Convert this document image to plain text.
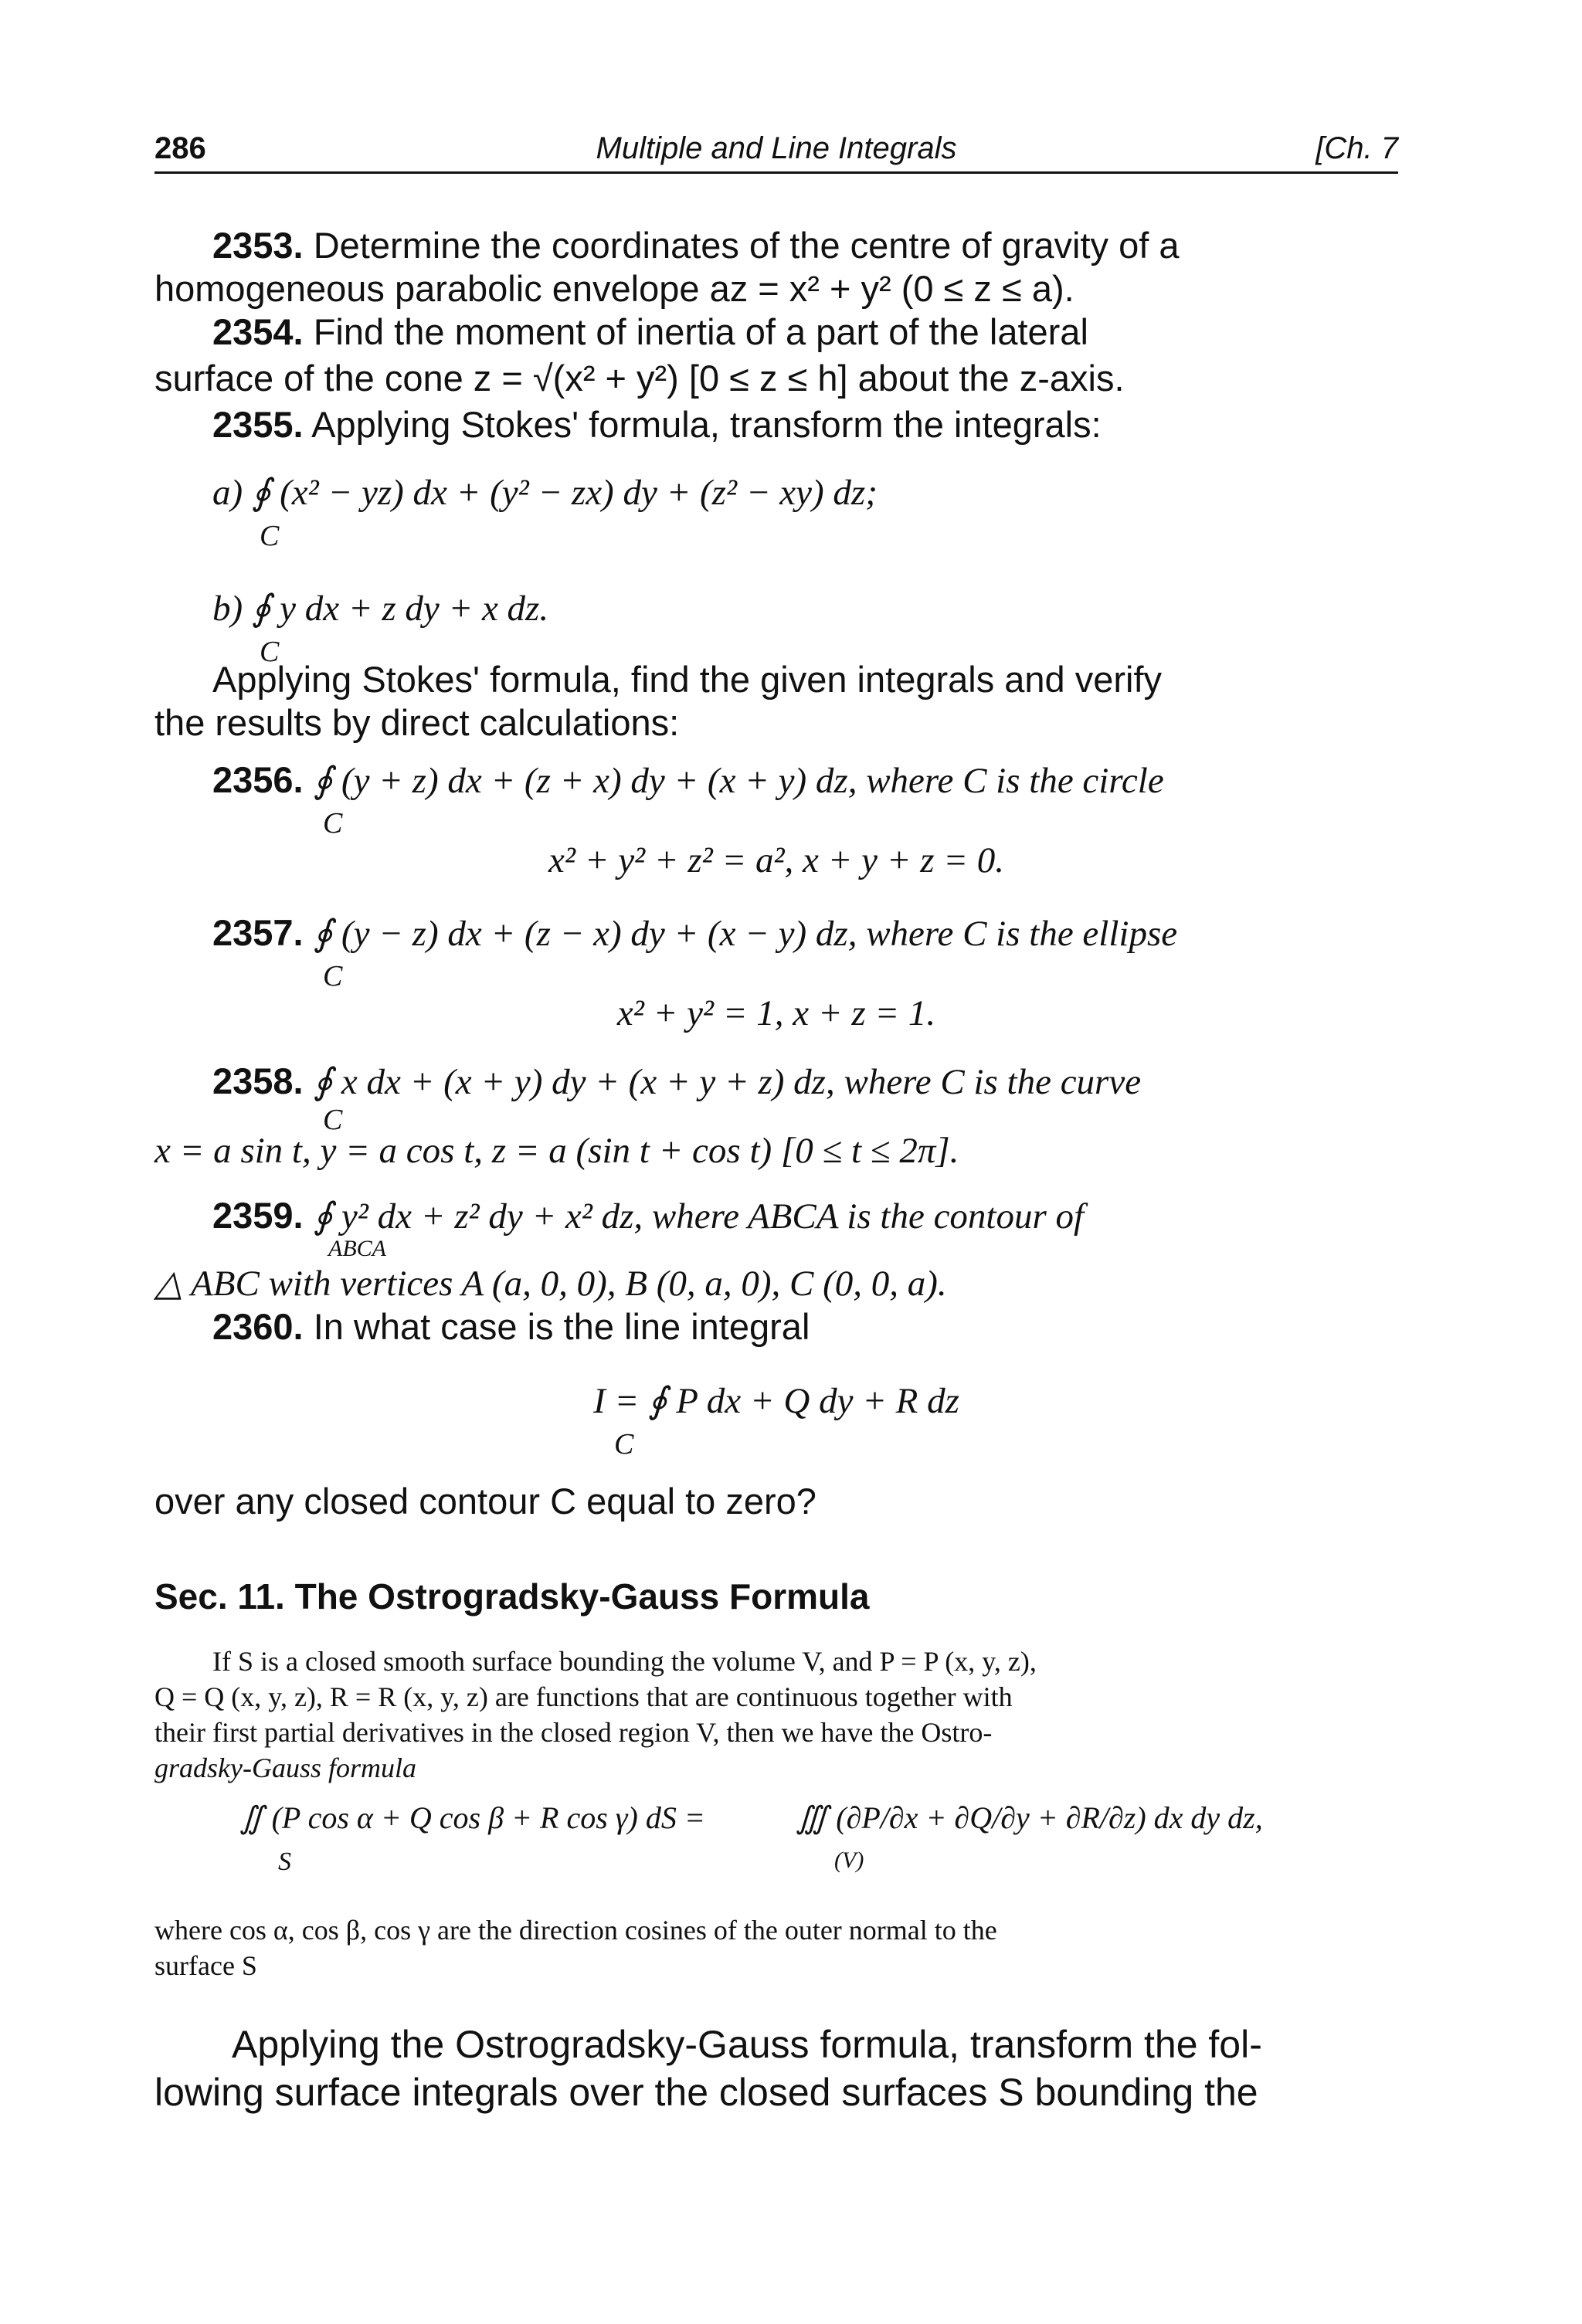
286	Multiple and Line Integrals	[Ch. 7
2353. Determine the coordinates of the centre of gravity of a
homogeneous parabolic envelope az = x² + y² (0 ≤ z ≤ a).
2354. Find the moment of inertia of a part of the lateral
surface of the cone z = √(x² + y²) [0 ≤ z ≤ h] about the z-axis.
2355. Applying Stokes' formula, transform the integrals:
a) ∮ (x² − yz) dx + (y² − zx) dy + (z² − xy) dz;
C
b) ∮ y dx + z dy + x dz.
C
Applying Stokes' formula, find the given integrals and verify
the results by direct calculations:
2356. ∮ (y + z) dx + (z + x) dy + (x + y) dz, where C is the circle
C
x² + y² + z² = a², x + y + z = 0.
2357. ∮ (y − z) dx + (z − x) dy + (x − y) dz, where C is the ellipse
C
x² + y² = 1, x + z = 1.
2358. ∮ x dx + (x + y) dy + (x + y + z) dz, where C is the curve
C
x = a sin t, y = a cos t, z = a (sin t + cos t) [0 ≤ t ≤ 2π].
2359. ∮ y² dx + z² dy + x² dz, where ABCA is the contour of
ABCA
△ ABC with vertices A (a, 0, 0), B (0, a, 0), C (0, 0, a).
2360. In what case is the line integral
I = ∮ P dx + Q dy + R dz
C
over any closed contour C equal to zero?
Sec. 11. The Ostrogradsky-Gauss Formula
If S is a closed smooth surface bounding the volume V, and P = P (x, y, z),
Q = Q (x, y, z), R = R (x, y, z) are functions that are continuous together with
their first partial derivatives in the closed region V, then we have the Ostro-
gradsky-Gauss formula
∬ (P cos α + Q cos β + R cos γ) dS =	∭ (∂P/∂x + ∂Q/∂y + ∂R/∂z) dx dy dz,
S	(V)
where cos α, cos β, cos γ are the direction cosines of the outer normal to the
surface S
Applying the Ostrogradsky-Gauss formula, transform the fol-
lowing surface integrals over the closed surfaces S bounding the
